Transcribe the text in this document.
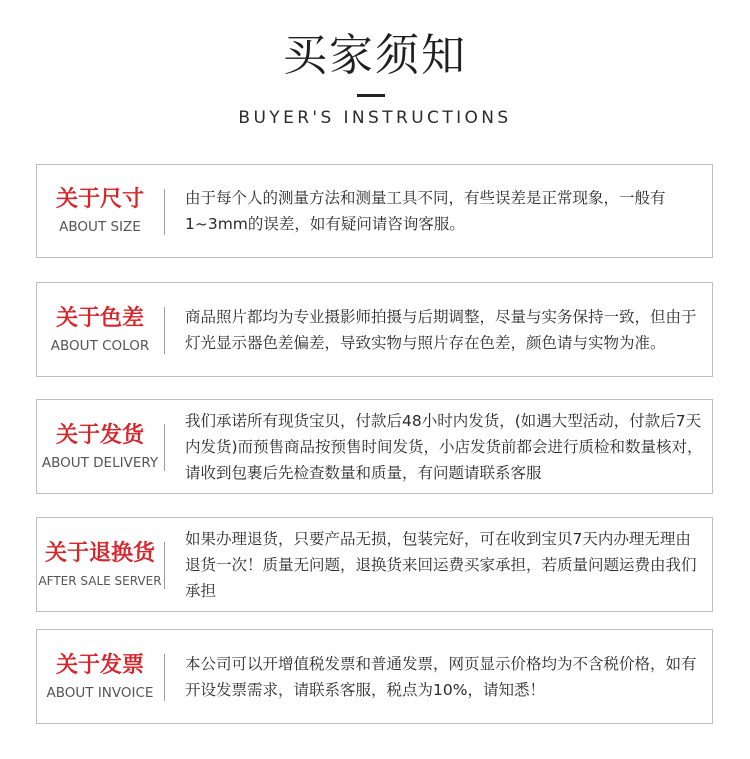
买家须知
BUYER'S INSTRUCTIONS
关于尺寸
ABOUT SIZE
由于每个人的测量方法和测量工具不同，有些误差是正常现象，一般有1~3mm的误差，如有疑问请咨询客服。
关于色差
ABOUT COLOR
商品照片都均为专业摄影师拍摄与后期调整，尽量与实务保持一致，但由于灯光显示器色差偏差，导致实物与照片存在色差，颜色请与实物为准。
关于发货
ABOUT DELIVERY
我们承诺所有现货宝贝，付款后48小时内发货，(如遇大型活动，付款后7天内发货)而预售商品按预售时间发货，小店发货前都会进行质检和数量核对，请收到包裹后先检查数量和质量，有问题请联系客服
关于退换货
AFTER SALE SERVER
如果办理退货，只要产品无损，包装完好，可在收到宝贝7天内办理无理由退货一次！质量无问题，退换货来回运费买家承担，若质量问题运费由我们承担
关于发票
ABOUT INVOICE
本公司可以开增值税发票和普通发票，网页显示价格均为不含税价格，如有开设发票需求，请联系客服，税点为10%，请知悉！
